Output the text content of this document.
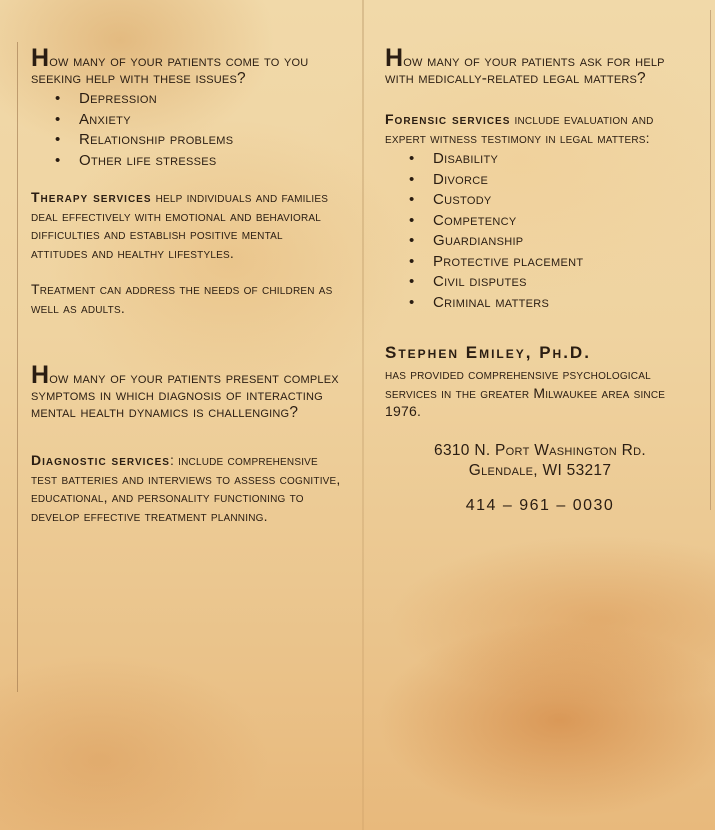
How many of your patients come to you seeking help with these issues?

• Depression
• Anxiety
• Relationship problems
• Other life stresses

Therapy services help individuals and families deal effectively with emotional and behavioral difficulties and establish positive mental attitudes and healthy lifestyles.

Treatment can address the needs of children as well as adults.

How many of your patients present complex symptoms in which diagnosis of interacting mental health dynamics is challenging?

Diagnostic services: include comprehensive test batteries and interviews to assess cognitive, educational, and personality functioning to develop effective treatment planning.

How many of your patients ask for help with medically-related legal matters?

Forensic services include evaluation and expert witness testimony in legal matters:

• Disability
• Divorce
• Custody
• Competency
• Guardianship
• Protective placement
• Civil disputes
• Criminal matters

Stephen Emiley, Ph.D.

has provided comprehensive psychological services in the greater Milwaukee area since 1976.

6310 N. Port Washington Rd.

Glendale, WI 53217

414 – 961 – 0030
